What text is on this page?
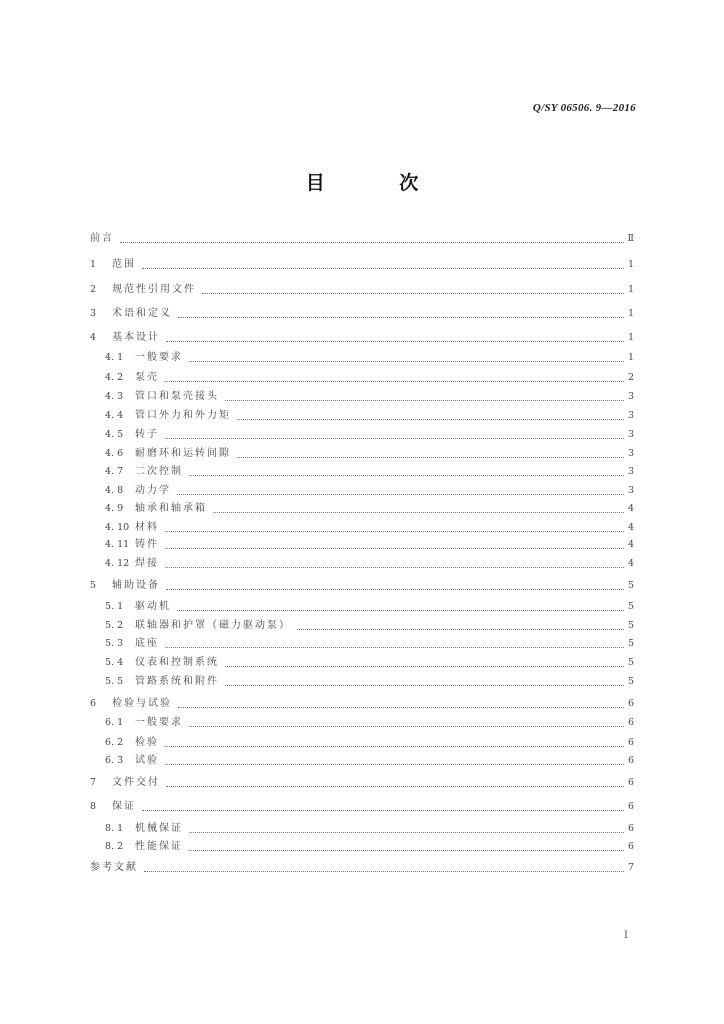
Q/SY 06506. 9—2016
目 次
前言	Ⅱ
1	范围	1
2	规范性引用文件	1
3	术语和定义	1
4	基本设计	1
4. 1	一般要求	1
4. 2	泵壳	2
4. 3	管口和泵壳接头	3
4. 4	管口外力和外力矩	3
4. 5	转子	3
4. 6	耐磨环和运转间隙	3
4. 7	二次控制	3
4. 8	动力学	3
4. 9	轴承和轴承箱	4
4. 10 材料	4
4. 11 铸件	4
4. 12 焊接	4
5	辅助设备	5
5. 1	驱动机	5
5. 2	联轴器和护罩（磁力驱动泵）	5
5. 3	底座	5
5. 4	仪表和控制系统	5
5. 5	管路系统和附件	5
6	检验与试验	6
6. 1	一般要求	6
6. 2	检验	6
6. 3	试验	6
7	文件交付	6
8	保证	6
8. 1	机械保证	6
8. 2	性能保证	6
参考文献	7
I
